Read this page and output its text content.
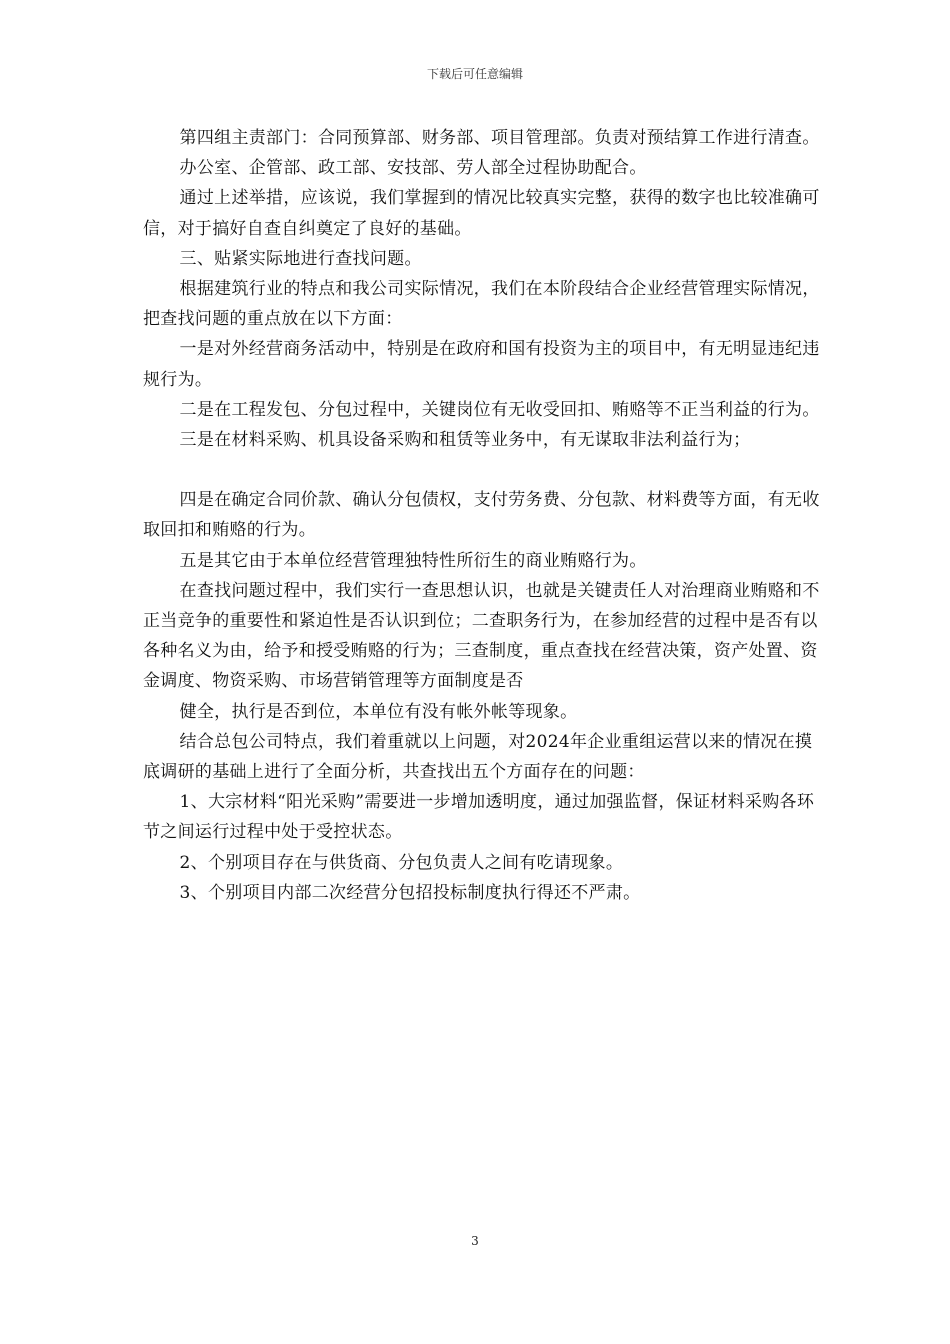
下载后可任意编辑

第四组主责部门：合同预算部、财务部、项目管理部。负责对预结算工作进行清查。

办公室、企管部、政工部、安技部、劳人部全过程协助配合。

通过上述举措，应该说，我们掌握到的情况比较真实完整，获得的数字也比较准确可信，对于搞好自查自纠奠定了良好的基础。

三、贴紧实际地进行查找问题。

根据建筑行业的特点和我公司实际情况，我们在本阶段结合企业经营管理实际情况，把查找问题的重点放在以下方面：

一是对外经营商务活动中，特别是在政府和国有投资为主的项目中，有无明显违纪违规行为。

二是在工程发包、分包过程中，关键岗位有无收受回扣、贿赂等不正当利益的行为。

三是在材料采购、机具设备采购和租赁等业务中，有无谋取非法利益行为；

四是在确定合同价款、确认分包债权，支付劳务费、分包款、材料费等方面，有无收取回扣和贿赂的行为。

五是其它由于本单位经营管理独特性所衍生的商业贿赂行为。

在查找问题过程中，我们实行一查思想认识，也就是关键责任人对治理商业贿赂和不正当竞争的重要性和紧迫性是否认识到位；二查职务行为，在参加经营的过程中是否有以各种名义为由，给予和授受贿赂的行为；三查制度，重点查找在经营决策，资产处置、资金调度、物资采购、市场营销管理等方面制度是否

健全，执行是否到位，本单位有没有帐外帐等现象。

结合总包公司特点，我们着重就以上问题，对2024年企业重组运营以来的情况在摸底调研的基础上进行了全面分析，共查找出五个方面存在的问题：

1、大宗材料“阳光采购”需要进一步增加透明度，通过加强监督，保证材料采购各环节之间运行过程中处于受控状态。

2、个别项目存在与供货商、分包负责人之间有吃请现象。

3、个别项目内部二次经营分包招投标制度执行得还不严肃。

3
